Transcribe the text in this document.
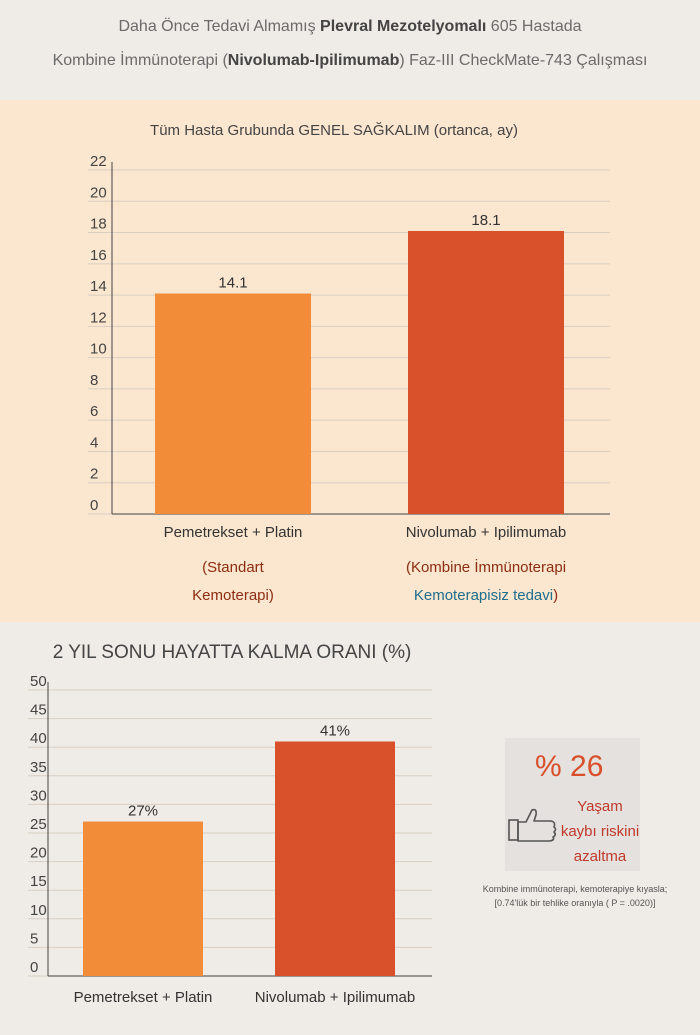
Daha Önce Tedavi Almamış Plevral Mezotelyomalı 605 Hastada
Kombine İmmünoterapi (Nivolumab-Ipilimumab) Faz-III CheckMate-743 Çalışması
Tüm Hasta Grubunda GENEL SAĞKALIM (ortanca, ay)
0
2
4
6
8
10
12
14
16
18
20
22
14.1
18.1
Pemetrekset + Platin	Nivolumab + Ipilimumab
(Standart
Kemoterapi)
(Kombine İmmünoterapi
Kemoterapisiz tedavi)
2 YIL SONU HAYATTA KALMA ORANI (%)
0
5
10
15
20
25
30
35
40
45
50
27%
41%
Pemetrekset + Platin	Nivolumab + Ipilimumab
% 26
Yaşam
kaybı riskini
azaltma
Kombine immünoterapi, kemoterapiye kıyasla;
[0.74'lük bir tehlike oranıyla ( P = .0020)]
